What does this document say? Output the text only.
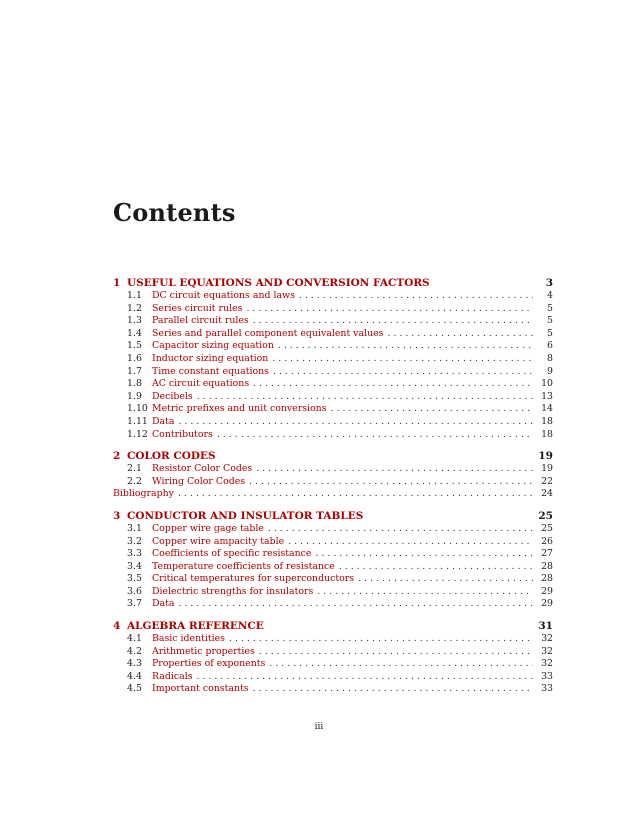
Contents
1 USEFUL EQUATIONS AND CONVERSION FACTORS	3
1.1	DC circuit equations and laws . . .	4
1.2	Series circuit rules . . .	5
1.3	Parallel circuit rules . . .	5
1.4	Series and parallel component equivalent values . . .	5
1.5	Capacitor sizing equation . . .	6
1.6	Inductor sizing equation . . .	8
1.7	Time constant equations . . .	9
1.8	AC circuit equations . . .	10
1.9	Decibels . . .	13
1.10 Metric prefixes and unit conversions . . .	14
1.11 Data . . .	18
1.12 Contributors . . .	18
2 COLOR CODES	19
2.1	Resistor Color Codes . . .	19
2.2	Wiring Color Codes . . .	22
Bibliography . . .	24
3 CONDUCTOR AND INSULATOR TABLES	25
3.1	Copper wire gage table . . .	25
3.2	Copper wire ampacity table . . .	26
3.3	Coefficients of specific resistance . . .	27
3.4	Temperature coefficients of resistance . . .	28
3.5	Critical temperatures for superconductors . . .	28
3.6	Dielectric strengths for insulators . . .	29
3.7	Data . . .	29
4 ALGEBRA REFERENCE	31
4.1	Basic identities . . .	32
4.2	Arithmetic properties . . .	32
4.3	Properties of exponents . . .	32
4.4	Radicals . . .	33
4.5	Important constants . . .	33
iii
